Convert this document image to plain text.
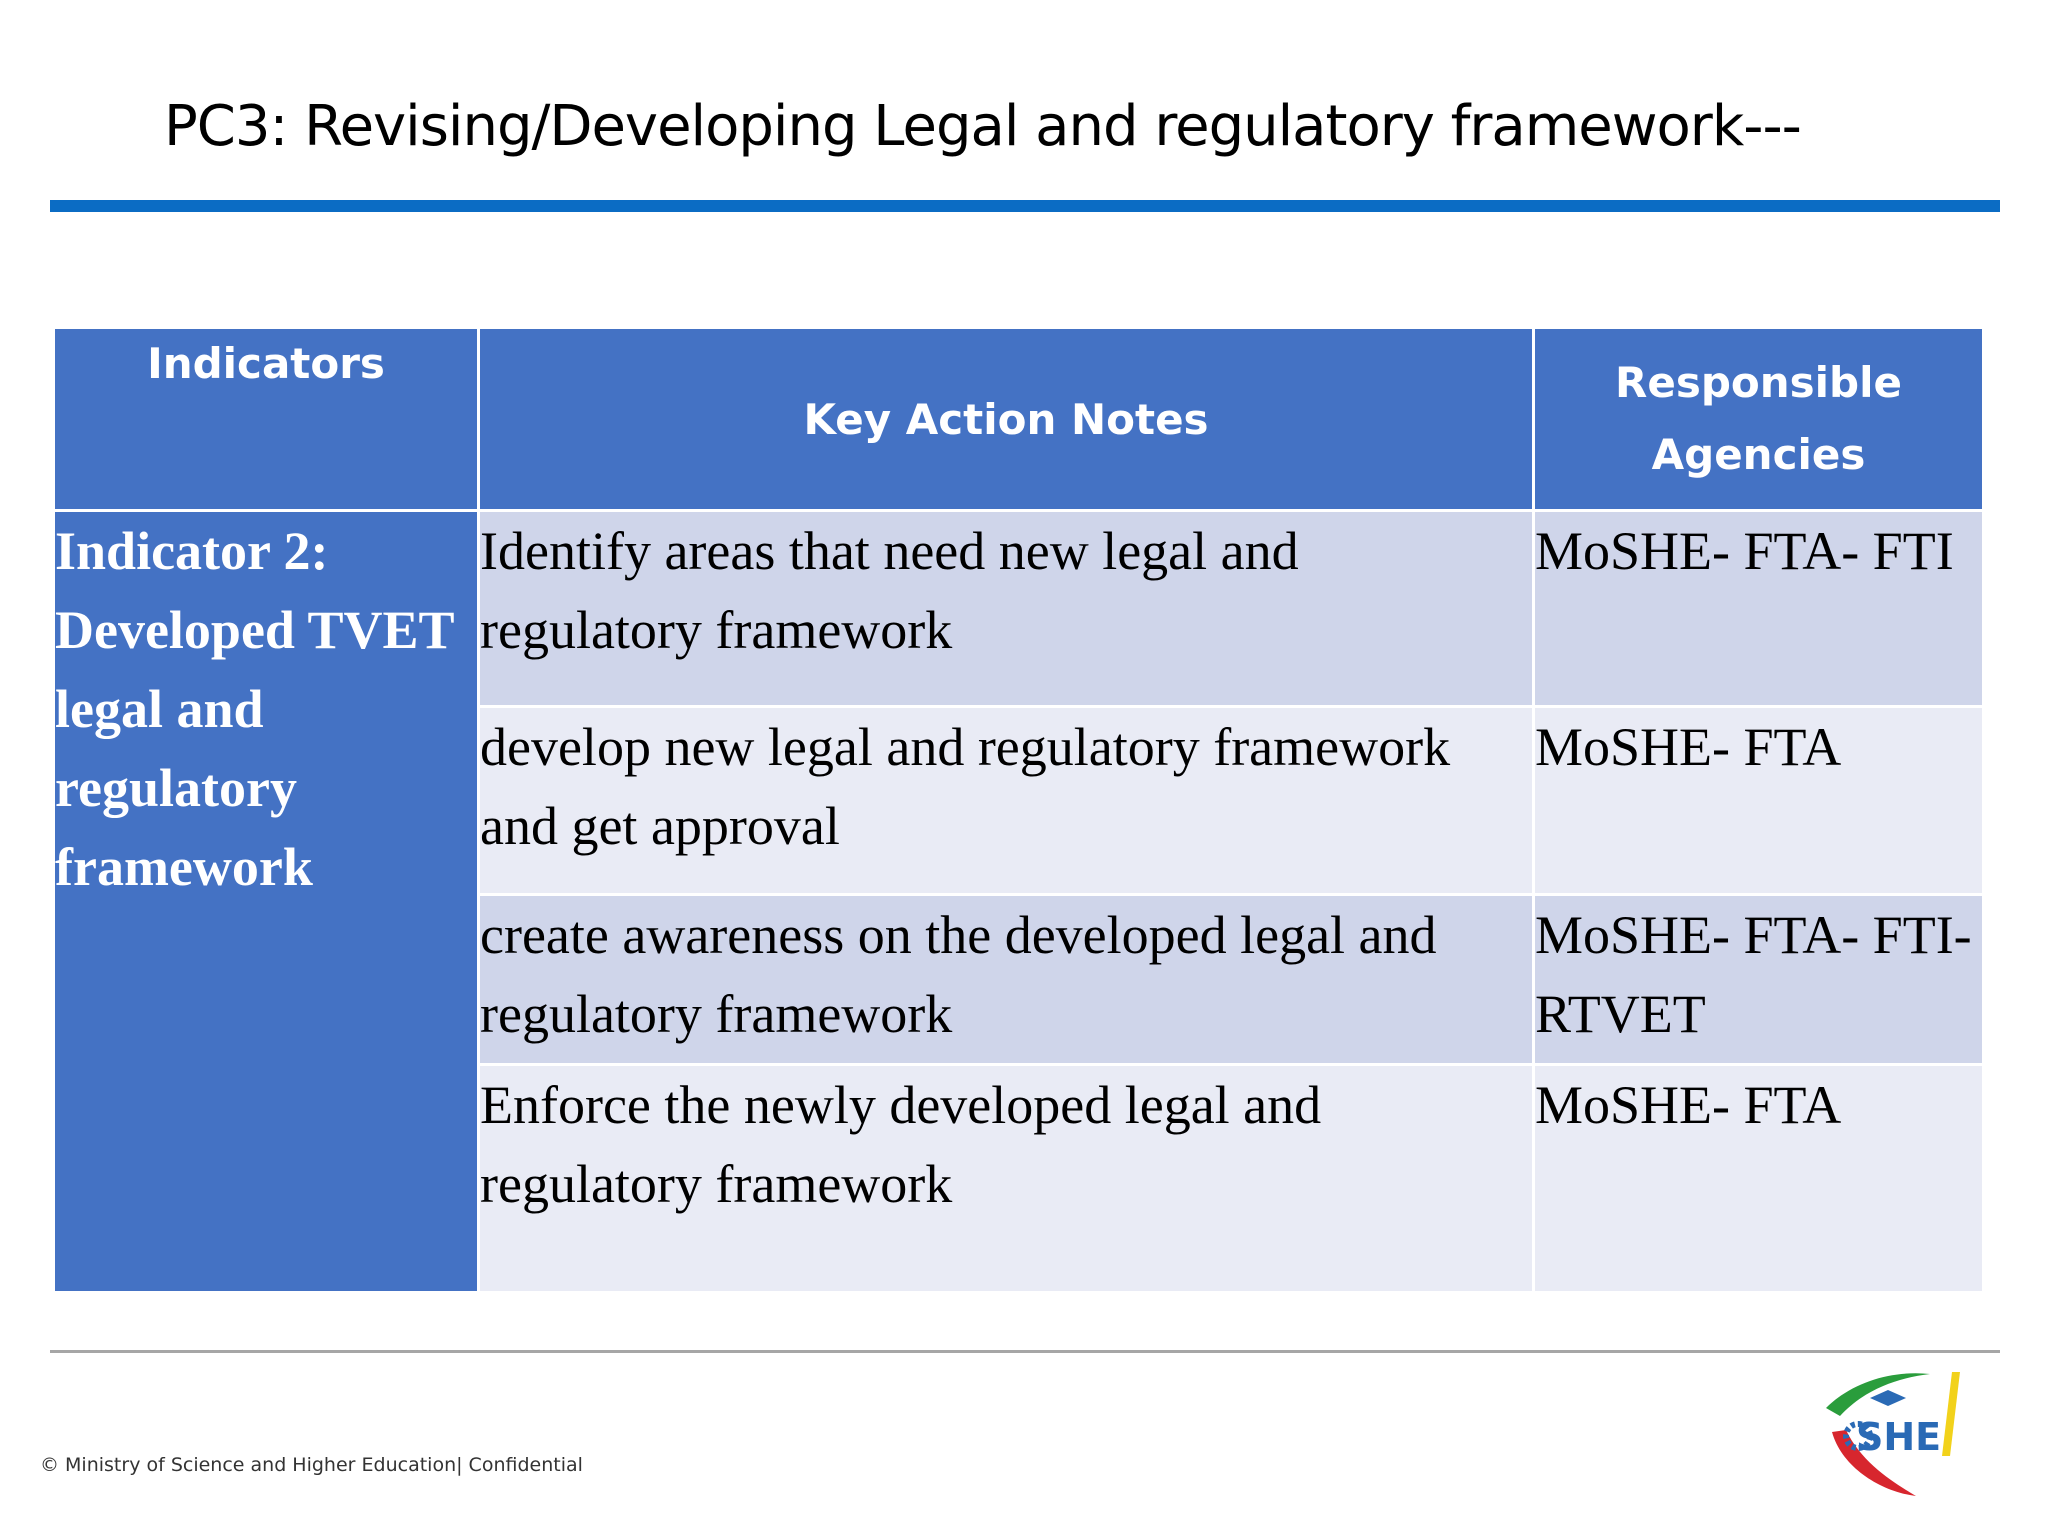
PC3: Revising/Developing Legal and regulatory framework---
Indicators	Key Action Notes	Responsible Agencies
Indicator 2: Developed TVET legal and regulatory framework	Identify areas that need new legal and regulatory framework	MoSHE- FTA- FTI
	develop new legal and regulatory framework and get approval	MoSHE- FTA
	create awareness on the developed legal and regulatory framework	MoSHE- FTA- FTI-RTVET
	Enforce the newly developed legal and regulatory framework	MoSHE- FTA
© Ministry of Science and Higher Education| Confidential
SHE
